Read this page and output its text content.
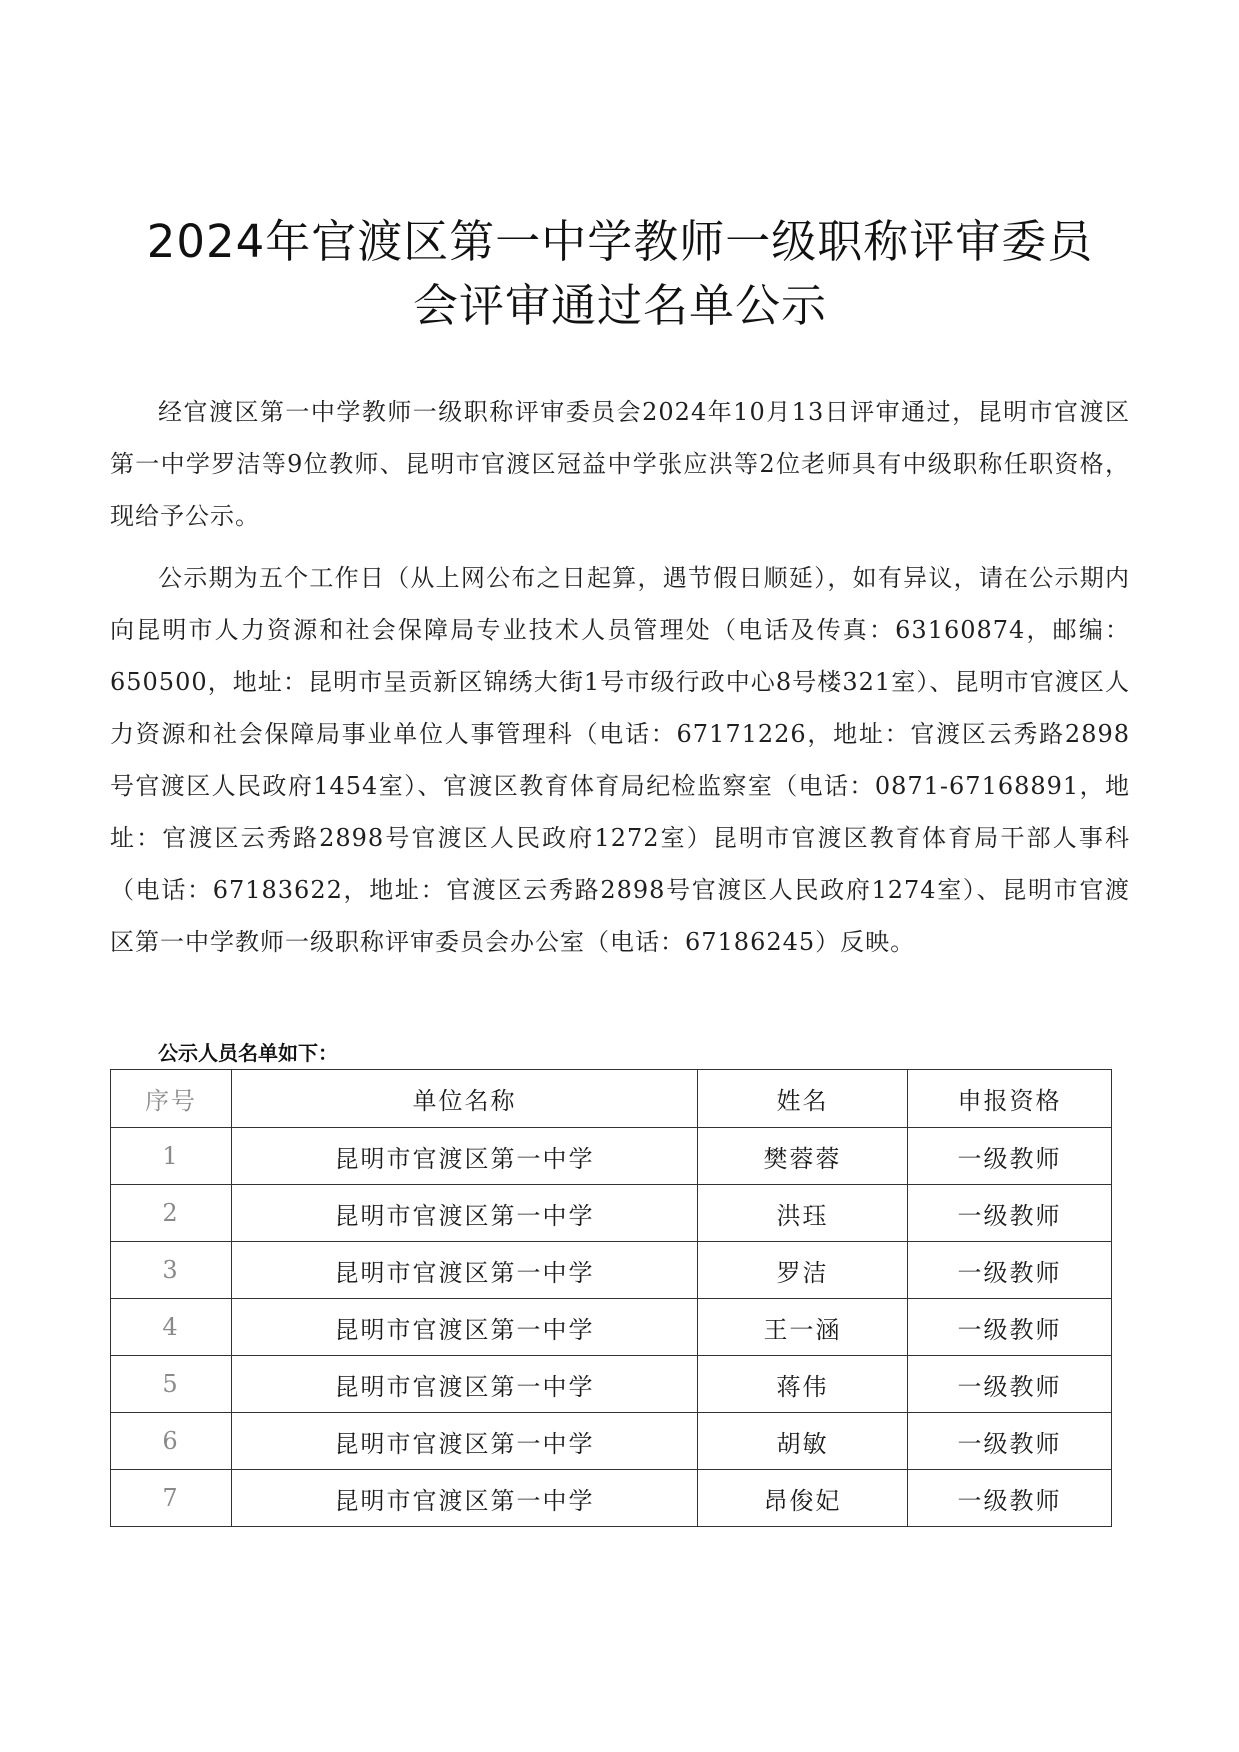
2024年官渡区第一中学教师一级职称评审委员
会评审通过名单公示

经官渡区第一中学教师一级职称评审委员会2024年10月13日评审通过，昆明市官渡区第一中学罗洁等9位教师、昆明市官渡区冠益中学张应洪等2位老师具有中级职称任职资格，现给予公示。

公示期为五个工作日（从上网公布之日起算，遇节假日顺延），如有异议，请在公示期内向昆明市人力资源和社会保障局专业技术人员管理处（电话及传真：63160874，邮编：650500，地址：昆明市呈贡新区锦绣大街1号市级行政中心8号楼321室）、昆明市官渡区人力资源和社会保障局事业单位人事管理科（电话：67171226，地址：官渡区云秀路2898号官渡区人民政府1454室）、官渡区教育体育局纪检监察室（电话：0871-67168891，地址：官渡区云秀路2898号官渡区人民政府1272室）昆明市官渡区教育体育局干部人事科（电话：67183622，地址：官渡区云秀路2898号官渡区人民政府1274室）、昆明市官渡区第一中学教师一级职称评审委员会办公室（电话：67186245）反映。

公示人员名单如下：
序号	单位名称	姓名	申报资格
1	昆明市官渡区第一中学	樊蓉蓉	一级教师
2	昆明市官渡区第一中学	洪珏	一级教师
3	昆明市官渡区第一中学	罗洁	一级教师
4	昆明市官渡区第一中学	王一涵	一级教师
5	昆明市官渡区第一中学	蒋伟	一级教师
6	昆明市官渡区第一中学	胡敏	一级教师
7	昆明市官渡区第一中学	昂俊妃	一级教师
